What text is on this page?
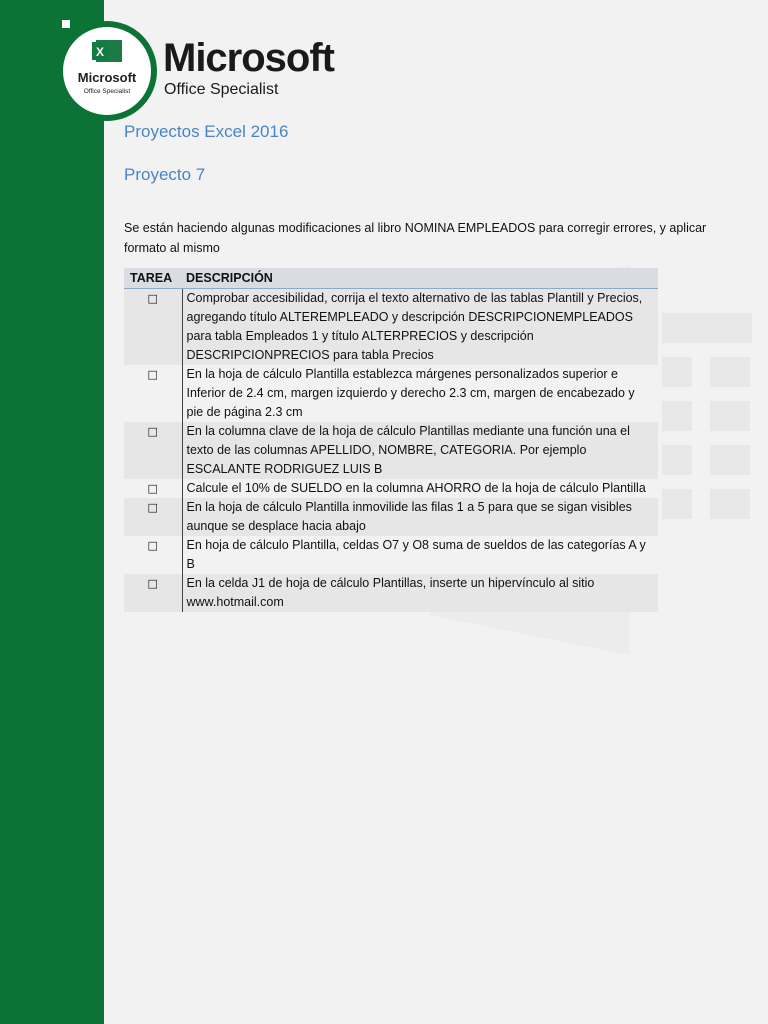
X
Microsoft
Office Specialist
Microsoft
Office Specialist
Proyectos Excel 2016
Proyecto 7
Se están haciendo algunas modificaciones al libro NOMINA EMPLEADOS para corregir errores, y aplicar formato al mismo
TAREA	DESCRIPCIÓN
□	Comprobar accesibilidad, corrija el texto alternativo de las tablas Plantill y Precios, agregando título ALTEREMPLEADO y descripción DESCRIPCIONEMPLEADOS para tabla Empleados 1 y título ALTERPRECIOS y descripción DESCRIPCIONPRECIOS para tabla Precios
□	En la hoja de cálculo Plantilla establezca márgenes personalizados superior e Inferior de 2.4 cm, margen izquierdo y derecho 2.3 cm, margen de encabezado y pie de página 2.3 cm
□	En la columna clave de la hoja de cálculo Plantillas mediante una función una el texto de las columnas APELLIDO, NOMBRE, CATEGORIA. Por ejemplo ESCALANTE RODRIGUEZ LUIS B
□	Calcule el 10% de SUELDO en la columna AHORRO de la hoja de cálculo Plantilla
□	En la hoja de cálculo Plantilla inmovilide las filas 1 a 5 para que se sigan visibles aunque se desplace hacia abajo
□	En hoja de cálculo Plantilla, celdas O7 y O8 suma de sueldos de las categorías A y B
□	En la celda J1 de hoja de cálculo Plantillas, inserte un hipervínculo al sitio www.hotmail.com
